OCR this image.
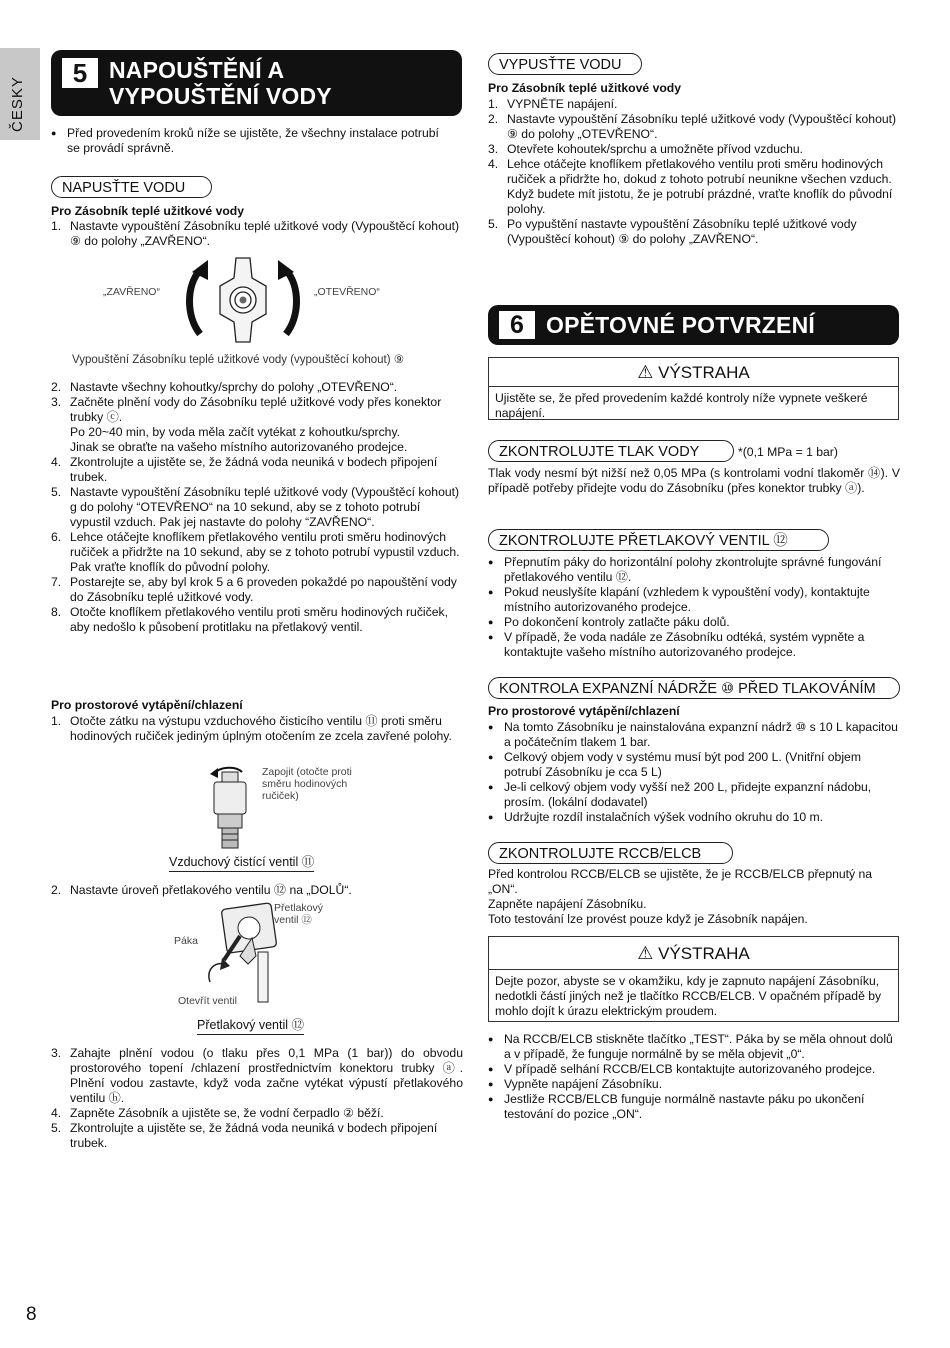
ČESKY
5 NAPOUŠTĚNÍ A
VYPOUŠTĚNÍ VODY
● Před provedením kroků níže se ujistěte, že všechny instalace potrubí se provádí správně.
NAPUSŤTE VODU
Pro Zásobník teplé užitkové vody
1. Nastavte vypouštění Zásobníku teplé užitkové vody (Vypouštěcí kohout) ⑨ do polohy „ZAVŘENO“.
„ZAVŘENO“	„OTEVŘENO“
Vypouštění Zásobníku teplé užitkové vody (vypouštěcí kohout) ⑨
2. Nastavte všechny kohoutky/sprchy do polohy „OTEVŘENO“.
3. Začněte plnění vody do Zásobníku teplé užitkové vody přes konektor trubky ⓒ.
Po 20~40 min, by voda měla začít vytékat z kohoutku/sprchy.
Jinak se obraťte na vašeho místního autorizovaného prodejce.
4. Zkontrolujte a ujistěte se, že žádná voda neuniká v bodech připojení trubek.
5. Nastavte vypouštění Zásobníku teplé užitkové vody (Vypouštěcí kohout) g do polohy “OTEVŘENO“ na 10 sekund, aby se z tohoto potrubí vypustil vzduch. Pak jej nastavte do polohy “ZAVŘENO“.
6. Lehce otáčejte knoflíkem přetlakového ventilu proti směru hodinových ručiček a přidržte na 10 sekund, aby se z tohoto potrubí vypustil vzduch. Pak vraťte knoflík do původní polohy.
7. Postarejte se, aby byl krok 5 a 6 proveden pokaždé po napouštění vody do Zásobníku teplé užitkové vody.
8. Otočte knoflíkem přetlakového ventilu proti směru hodinových ručiček, aby nedošlo k působení protitlaku na přetlakový ventil.
Pro prostorové vytápění/chlazení
1. Otočte zátku na výstupu vzduchového čisticího ventilu ⑪ proti směru hodinových ručiček jediným úplným otočením ze zcela zavřené polohy.
Zapojit (otočte proti směru hodinových ručiček)
Vzduchový čistící ventil ⑪
2. Nastavte úroveň přetlakového ventilu ⑫ na „DOLŮ“.
Přetlakový ventil ⑫
Páka
Otevřít ventil
Přetlakový ventil ⑫
3. Zahajte plnění vodou (o tlaku přes 0,1 MPa (1 bar)) do obvodu prostorového topení /chlazení prostřednictvím konektoru trubky ⓐ. Plnění vodou zastavte, když voda začne vytékat výpustí přetlakového ventilu ⓗ.
4. Zapněte Zásobník a ujistěte se, že vodní čerpadlo ② běží.
5. Zkontrolujte a ujistěte se, že žádná voda neuniká v bodech připojení trubek.
8
VYPUSŤTE VODU
Pro Zásobník teplé užitkové vody
1. VYPNĚTE napájení.
2. Nastavte vypouštění Zásobníku teplé užitkové vody (Vypouštěcí kohout) ⑨ do polohy „OTEVŘENO“.
3. Otevřete kohoutek/sprchu a umožněte přívod vzduchu.
4. Lehce otáčejte knoflíkem přetlakového ventilu proti směru hodinových ručiček a přidržte ho, dokud z tohoto potrubí neunikne všechen vzduch. Když budete mít jistotu, že je potrubí prázdné, vraťte knoflík do původní polohy.
5. Po vypuštění nastavte vypouštění Zásobníku teplé užitkové vody (Vypouštěcí kohout) ⑨ do polohy „ZAVŘENO“.
6 OPĚTOVNÉ POTVRZENÍ
⚠ VÝSTRAHA
Ujistěte se, že před provedením každé kontroly níže vypnete veškeré napájení.
ZKONTROLUJTE TLAK VODY	*(0,1 MPa = 1 bar)
Tlak vody nesmí být nižší než 0,05 MPa (s kontrolami vodní tlakoměr ⑭). V případě potřeby přidejte vodu do Zásobníku (přes konektor trubky ⓐ).
ZKONTROLUJTE PŘETLAKOVÝ VENTIL ⑫
● Přepnutím páky do horizontální polohy zkontrolujte správné fungování přetlakového ventilu ⑫.
● Pokud neuslyšíte klapání (vzhledem k vypouštění vody), kontaktujte místního autorizovaného prodejce.
● Po dokončení kontroly zatlačte páku dolů.
● V případě, že voda nadále ze Zásobníku odtéká, systém vypněte a kontaktujte vašeho místního autorizovaného prodejce.
KONTROLA EXPANZNÍ NÁDRŽE ⑩ PŘED TLAKOVÁNÍM
Pro prostorové vytápění/chlazení
● Na tomto Zásobníku je nainstalována expanzní nádrž ⑩ s 10 L kapacitou a počátečním tlakem 1 bar.
● Celkový objem vody v systému musí být pod 200 L. (Vnitřní objem potrubí Zásobníku je cca 5 L)
● Je-li celkový objem vody vyšší než 200 L, přidejte expanzní nádobu, prosím. (lokální dodavatel)
● Udržujte rozdíl instalačních výšek vodního okruhu do 10 m.
ZKONTROLUJTE RCCB/ELCB
Před kontrolou RCCB/ELCB se ujistěte, že je RCCB/ELCB přepnutý na „ON“.
Zapněte napájení Zásobníku.
Toto testování lze provést pouze když je Zásobník napájen.
⚠ VÝSTRAHA
Dejte pozor, abyste se v okamžiku, kdy je zapnuto napájení Zásobníku, nedotkli částí jiných než je tlačítko RCCB/ELCB. V opačném případě by mohlo dojít k úrazu elektrickým proudem.
● Na RCCB/ELCB stiskněte tlačítko „TEST“. Páka by se měla ohnout dolů a v případě, že funguje normálně by se měla objevit „0“.
● V případě selhání RCCB/ELCB kontaktujte autorizovaného prodejce.
● Vypněte napájení Zásobníku.
● Jestliže RCCB/ELCB funguje normálně nastavte páku po ukončení testování do pozice „ON“.
